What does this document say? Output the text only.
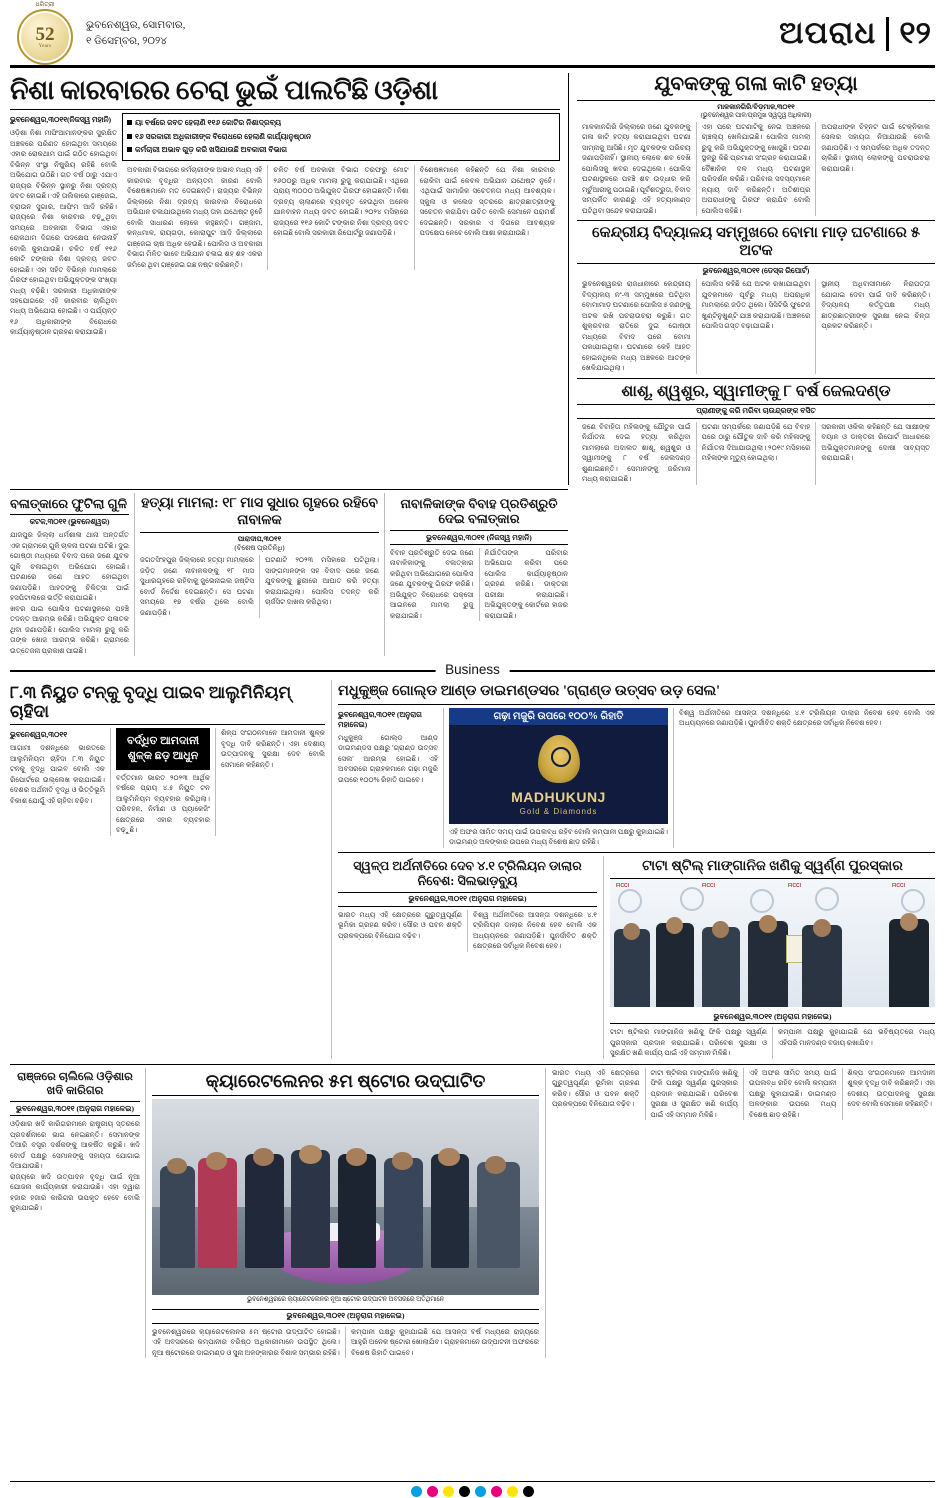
ଧରିତ୍ରୀ
52
Years
ଭୁବନେଶ୍ୱର, ସୋମବାର,
୧ ଡିସେମ୍ବର, ୨୦୨୪	ଅପରାଧ ୧୨
ନିଶା କାରବାରର ଚେରା ଭୁଇଁ ପାଲଟିଛି ଓଡ଼ିଶା
ଭୁବନେଶ୍ୱର,୩୦୧୧(ନିଜସ୍ୱ ମହାନି)
ଓଡ଼ିଶା ନିଶା ମାଫିଆମାନଙ୍କର ସୁରକ୍ଷିତ ଅଞ୍ଚଳରେ ପରିଣତ ହୋଇଥିବା ସମୟରେ ଏହାର ରୋକଥାମ ପାଇଁ ଗଠିତ ହୋଇଥିବା ବିଭିନ୍ନ ସଂସ୍ଥା ନିଷ୍କ୍ରିୟ ରହିଛି ବୋଲି ଅଭିଯୋଗ ଉଠିଛି। ଗତ ବର୍ଷ ଠାରୁ ଏଯାଏ ରାଜ୍ୟର ବିଭିନ୍ନ ସ୍ଥାନରୁ ନିଶା ଦ୍ରବ୍ୟ ଜବତ ହୋଇଛି। ଏହି ତାଲିକାରେ ଗଞ୍ଜେଇ, ବ୍ରାଉନ ସୁଗାର, ଆଫିମ ଆଦି ରହିଛି। ରାଜ୍ୟରେ ନିଶା କାରବାର ବଢ଼ୁଥିବା ସମୟରେ ଅବକାରୀ ବିଭାଗ ଏହାର ରୋକଥାମ ଦିଗରେ ପଦକ୍ଷେପ ନେଉନାହିଁ ବୋଲି କୁହାଯାଉଛି। ଚଳିତ ବର୍ଷ ୧୧୬ କୋଟି ଟଙ୍କାର ନିଶା ଦ୍ରବ୍ୟ ଜବତ ହୋଇଛି। ଏହା ସହିତ ବିଭିନ୍ନ ମାମଲାରେ ଗିରଫ ହୋଇଥିବା ଅଭିଯୁକ୍ତଙ୍କ ସଂଖ୍ୟା ମଧ୍ୟ ବଢ଼ିଛି। ସରକାରୀ ଅଧିକାରୀଙ୍କ ସହଯୋଗରେ ଏହି କାରବାର ଚାଲିଥିବା ମଧ୍ୟ ଅଭିଯୋଗ ହୋଇଛି। ଏ ପର୍ଯ୍ୟନ୍ତ ୧୬ ଅଧିକାରୀଙ୍କ ବିରୋଧରେ କାର୍ଯ୍ୟାନୁଷ୍ଠାନ ଗ୍ରହଣ କରାଯାଇଛି।
ୟା ବର୍ଷରେ ଜବତ ହେଲାଣି ୧୧୬ କୋଟିର ନିଶାଦ୍ରବ୍ୟ
୧୬ ସରକାରୀ ଅଧିକାରୀଙ୍କ ବିରୋଧରେ ହେଲାଣି କାର୍ଯ୍ୟାନୁଷ୍ଠାନ
କର୍ମଚାରୀ ଅଭାବ ଗୁଡ଼ କରି ଖସିଯାଉଛି ଅବକାରୀ ବିଭାଗ
ଅବକାରୀ ବିଭାଗରେ କର୍ମଚାରୀଙ୍କ ଅଭାବ ମଧ୍ୟ ଏହି କାରବାର ବୃଦ୍ଧିର ଅନ୍ୟତମ କାରଣ ବୋଲି ବିଶେଷଜ୍ଞମାନେ ମତ ଦେଇଛନ୍ତି। ରାଜ୍ୟର ବିଭିନ୍ନ ଜିଲ୍ଲାରେ ନିଶା ଦ୍ରବ୍ୟ କାରବାର ବିରୋଧରେ ଅଭିଯାନ ଚଳାଯାଉଥିଲେ ମଧ୍ୟ ତାହା ଯଥେଷ୍ଟ ନୁହେଁ ବୋଲି ସାଧାରଣ ଲୋକେ କହୁଛନ୍ତି। ଗଞ୍ଜାମ, କନ୍ଧମାଳ, ରାୟଗଡ଼ା, କୋରାପୁଟ ଆଦି ଜିଲ୍ଲାରେ ଗଞ୍ଜେଇ ଚାଷ ଅଧିକ ହେଉଛି। ପୋଲିସ ଓ ଅବକାରୀ ବିଭାଗ ମିଳିତ ଭାବେ ଅଭିଯାନ ଚଳାଇ ଶହ ଶହ ଏକର ଜମିରେ ଥିବା ଗଞ୍ଜେଇ ଗଛ ନଷ୍ଟ କରିଛନ୍ତି।
ଚଳିତ ବର୍ଷ ଅବକାରୀ ବିଭାଗ ତରଫରୁ ମୋଟ ୨୬୦୦ରୁ ଅଧିକ ମାମଲା ରୁଜୁ କରାଯାଇଛି। ଏଥିରେ ପ୍ରାୟ ୩୦୦୦ ଅଭିଯୁକ୍ତ ଗିରଫ ହୋଇଛନ୍ତି। ନିଶା ଦ୍ରବ୍ୟ ଚାଲାଣରେ ବ୍ୟବହୃତ ହେଉଥିବା ଅନେକ ଯାନବାହନ ମଧ୍ୟ ଜବତ ହୋଇଛି। ୨୦୨୪ ମସିହାରେ ରାଜ୍ୟରେ ୧୧୬ କୋଟି ଟଙ୍କାର ନିଶା ଦ୍ରବ୍ୟ ଜବତ ହୋଇଛି ବୋଲି ସରକାରୀ ରିପୋର୍ଟରୁ ଜଣାପଡ଼ିଛି।
ବିଶେଷଜ୍ଞମାନେ କହିଛନ୍ତି ଯେ ନିଶା କାରବାର ରୋକିବା ପାଇଁ କେବଳ ଅଭିଯାନ ଯଥେଷ୍ଟ ନୁହେଁ। ଏଥିପାଇଁ ସାମାଜିକ ସଚେତନତା ମଧ୍ୟ ଆବଶ୍ୟକ। ସ୍କୁଲ ଓ କଲେଜ ସ୍ତରରେ ଛାତ୍ରଛାତ୍ରୀଙ୍କୁ ସଚେତନ କରାଯିବା ଉଚିତ ବୋଲି ସେମାନେ ପରାମର୍ଶ ଦେଇଛନ୍ତି। ସରକାର ଏ ଦିଗରେ ଆବଶ୍ୟକ ପଦକ୍ଷେପ ନେବେ ବୋଲି ଆଶା କରାଯାଉଛି।
ଯୁବକଙ୍କୁ ଗଳା କାଟି ହତ୍ୟା
ମାଳକାନଗିରି/ବିଡ଼ମାଳ,୩୦୧୧
(ଭୁବନେଶ୍ୱର ପାଳ/ପ୍ରମୁଖ ସ୍ୱତ୍ତ୍ୱ ଅଧିକାରୀ)
ମାଳକାନଗିରି ଜିଲ୍ଲାରେ ଜଣେ ଯୁବକଙ୍କୁ ଗଳା କାଟି ହତ୍ୟା କରାଯାଇଥିବା ଘଟଣା ସାମ୍ନାକୁ ଆସିଛି। ମୃତ ଯୁବକଙ୍କ ପରିଚୟ ଜଣାପଡ଼ିନାହିଁ। ସ୍ଥାନୀୟ ଲୋକେ ଶବ ଦେଖି ପୋଲିସକୁ ଖବର ଦେଇଥିଲେ। ପୋଲିସ ଘଟଣାସ୍ଥଳରେ ପହଞ୍ଚି ଶବ ଉଦ୍ଧାର କରି ମର୍ଚୁଆରୀକୁ ପଠାଇଛି। ପୂର୍ବଶତ୍ରୁତା, ବିବାଦ ସମ୍ପର୍କିତ କାରଣରୁ ଏହି ହତ୍ୟାକାଣ୍ଡ ଘଟିଥିବା ସନ୍ଦେହ କରାଯାଉଛି।
ଏହା ପରେ ଘଟଣାଟିକୁ ନେଇ ଅଞ୍ଚଳରେ ଚାଞ୍ଚଲ୍ୟ ଖେଳିଯାଇଛି। ପୋଲିସ ମାମଲା ରୁଜୁ କରି ଅଭିଯୁକ୍ତଙ୍କୁ ଖୋଜୁଛି। ଘଟଣା ସ୍ଥଳରୁ କିଛି ପ୍ରମାଣ ସଂଗ୍ରହ କରାଯାଇଛି। ବୈଜ୍ଞାନିକ ଦଳ ମଧ୍ୟ ଘଟଣାସ୍ଥଳ ପରିଦର୍ଶନ କରିଛି। ପରିବାର ସଦସ୍ୟମାନେ ନ୍ୟାୟ ଦାବି କରିଛନ୍ତି। ଅତିଶୀଘ୍ର ଅପରାଧୀଙ୍କୁ ଗିରଫ କରାଯିବ ବୋଲି ପୋଲିସ କହିଛି।
ଅପରାଧୀଙ୍କ ଚିହ୍ନଟ ପାଇଁ ଟେକ୍ନିକାଲ ସେଲର ସହାୟତା ନିଆଯାଉଛି ବୋଲି ଜଣାପଡ଼ିଛି। ଏ ସମ୍ପର୍କରେ ଅଧିକ ତଦନ୍ତ ଚାଲିଛି। ସ୍ଥାନୀୟ ଲୋକଙ୍କୁ ପଚରାଉଚରା କରାଯାଉଛି।
କେନ୍ଦ୍ରୀୟ ବିଦ୍ୟାଳୟ ସମ୍ମୁଖରେ ବୋମା ମାଡ଼ ଘଟଣାରେ ୫ ଅଟକ
ଭୁବନେଶ୍ୱର,୩୦୧୧ (ଡେସ୍କ ରିପୋର୍ଟ)
ଭୁବନେଶ୍ୱରର ରାଜଧାନୀରେ କେନ୍ଦ୍ରୀୟ ବିଦ୍ୟାଳୟ ନଂ-୩ ସମ୍ମୁଖରେ ଘଟିଥିବା ବୋମାମାଡ଼ ଘଟଣାରେ ପୋଲିସ ୫ ଜଣଙ୍କୁ ଅଟକ ରଖି ପଚରାଉଚରା କରୁଛି। ଗତ ଶୁକ୍ରବାର ରାତିରେ ଦୁଇ ଗୋଷ୍ଠୀ ମଧ୍ୟରେ ବିବାଦ ପରେ ବୋମା ପକାଯାଇଥିଲା। ଘଟଣାରେ କେହି ଆହତ ହୋଇନଥିଲେ ମଧ୍ୟ ଅଞ୍ଚଳରେ ଆତଙ୍କ ଖେଳିଯାଇଥିଲା।
ପୋଲିସ କହିଛି ଯେ ଅଟକ ରଖାଯାଇଥିବା ଯୁବକମାନେ ପୂର୍ବରୁ ମଧ୍ୟ ଅପରାଧିକ ମାମଲାରେ ଜଡ଼ିତ ଥିଲେ। ସିସିଟିଭି ଫୁଟେଜ ଖୁଣ୍ଟିନୁଖୁଣ୍ଟି ଯାଞ୍ଚ କରାଯାଉଛି। ଅଞ୍ଚଳରେ ପୋଲିସ ଗସ୍ତ ବଢ଼ାଯାଇଛି।
ସ୍ଥାନୀୟ ଅଧିବାସୀମାନେ ନିରାପତ୍ତା ଯୋଗାଇ ଦେବା ପାଇଁ ଦାବି କରିଛନ୍ତି। ବିଦ୍ୟାଳୟ କର୍ତ୍ତୃପକ୍ଷ ମଧ୍ୟ ଛାତ୍ରଛାତ୍ରୀଙ୍କ ସୁରକ୍ଷା ନେଇ ଚିନ୍ତା ପ୍ରକଟ କରିଛନ୍ତି।
ଶାଶୂ, ଶ୍ୱଶୁର, ସ୍ୱାମୀଙ୍କୁ ୮ ବର୍ଷ ଜେଲଦଣ୍ଡ
ପ୍ରାଣୀଙ୍କୁ କରି ମରିବା ଚାଉନ୍ଦ୍ରଙ୍କ ବସିତ
ଜଣେ ବିବାହିତା ମହିଳାଙ୍କୁ ଯୌତୁକ ପାଇଁ ନିର୍ଯାତନା ଦେଇ ହତ୍ୟା କରିଥିବା ମାମଲାରେ ଅଦାଲତ ଶାଶୂ, ଶ୍ୱଶୁର ଓ ସ୍ୱାମୀଙ୍କୁ ୮ ବର୍ଷ ଜେଲଦଣ୍ଡ ଶୁଣାଇଛନ୍ତି। ସେମାନଙ୍କୁ ଜରିମାନା ମଧ୍ୟ କରାଯାଇଛି।
ଘଟଣା ସମ୍ପର୍କରେ ଜଣାପଡ଼ିଛି ଯେ ବିବାହ ପରେ ଠାରୁ ଯୌତୁକ ଦାବି କରି ମହିଳାଙ୍କୁ ନିର୍ଯାତନା ଦିଆଯାଉଥିଲା। ୨୦୧୯ ମସିହାରେ ମହିଳାଙ୍କ ମୃତ୍ୟୁ ହୋଇଥିଲା।
ସରକାରୀ ଓକିଲ କହିଛନ୍ତି ଯେ ସାକ୍ଷୀଙ୍କ ବୟାନ ଓ ଡାକ୍ତରୀ ରିପୋର୍ଟ ଆଧାରରେ ଅଭିଯୁକ୍ତମାନଙ୍କୁ ଦୋଷୀ ସାବ୍ୟସ୍ତ କରାଯାଇଛି।
ବଳାତ୍କାରେ ଫୁଟିଲା ଗୁଳି
କଟକ,୩୦୧୧ (ଭୁବନେଶ୍ୱର)
ଯାଜପୁର ଜିଲ୍ଲା ଧର୍ମଶାଳା ଥାନା ଅନ୍ତର୍ଗତ ଏକ ଗ୍ରାମରେ ଗୁଳି ଚାଳନା ଘଟଣା ଘଟିଛି। ଦୁଇ ଗୋଷ୍ଠୀ ମଧ୍ୟରେ ବିବାଦ ପରେ ଜଣେ ଯୁବକ ଗୁଳି ଚଳାଇଥିବା ଅଭିଯୋଗ ହୋଇଛି। ଘଟଣାରେ ଜଣେ ଆହତ ହୋଇଥିବା ଜଣାପଡ଼ିଛି। ଆହତଙ୍କୁ ଚିକିତ୍ସା ପାଇଁ ହସପିଟାଲରେ ଭର୍ତ୍ତି କରାଯାଇଛି।
ଖବର ପାଇ ପୋଲିସ ଘଟଣାସ୍ଥଳରେ ପହଞ୍ଚି ତଦନ୍ତ ଆରମ୍ଭ କରିଛି। ଅଭିଯୁକ୍ତ ପଳାତକ ଥିବା ଜଣାପଡ଼ିଛି। ପୋଲିସ ମାମଲା ରୁଜୁ କରି ତାଙ୍କ ଖୋଜ ଆରମ୍ଭ କରିଛି। ଗ୍ରାମରେ ଉତ୍ତେଜନା ପ୍ରକାଶ ପାଇଛି।
ହତ୍ୟା ମାମଲା: ୧୮ ମାସ ସୁଧାର ଗୃହରେ ରହିବେ ନାବାଳକ
ପାରାଦୀପ,୩୦୧୧
(ବିଶେଷ ପ୍ରତିନିଧି)
ଜଗତସିଂହପୁର ଜିଲ୍ଲାରେ ହତ୍ୟା ମାମଲାରେ ଜଡ଼ିତ ଜଣେ ନାବାଳକଙ୍କୁ ୧୮ ମାସ ସୁଧାରଗୃହରେ ରହିବାକୁ ଜୁଭେନାଇଲ ଜଷ୍ଟିସ ବୋର୍ଡ ନିର୍ଦ୍ଦେଶ ଦେଇଛନ୍ତି। ସେ ଘଟଣା ସମୟରେ ୧୭ ବର୍ଷର ଥିଲେ ବୋଲି ଜଣାପଡ଼ିଛି।
ଘଟଣାଟି ୨୦୨୩ ମସିହାରେ ଘଟିଥିଲା। ସାଙ୍ଗମାନଙ୍କ ସହ ବିବାଦ ପରେ ଜଣେ ଯୁବକଙ୍କୁ ଛୁରୀରେ ଆଘାତ କରି ହତ୍ୟା କରାଯାଇଥିଲା। ପୋଲିସ ତଦନ୍ତ କରି ଚାର୍ଜସିଟ ଦାଖଲ କରିଥିଲା।
ନାବାଳିକାଙ୍କ ବିବାହ ପ୍ରତିଶ୍ରୁତି ଦେଇ ବଳାତ୍କାର
ଭୁବନେଶ୍ୱର,୩୦୧୧ (ନିଜସ୍ୱ ମହାନି)
ବିବାହ ପ୍ରତିଶ୍ରୁତି ଦେଇ ଜଣେ ନାବାଳିକାଙ୍କୁ ବଳାତ୍କାର କରିଥିବା ଅଭିଯୋଗରେ ପୋଲିସ ଜଣେ ଯୁବକଙ୍କୁ ଗିରଫ କରିଛି। ଅଭିଯୁକ୍ତ ବିରୋଧରେ ପକ୍ସୋ ଆଇନରେ ମାମଲା ରୁଜୁ କରାଯାଇଛି।
ନିର୍ଯାତିତାଙ୍କ ପରିବାର ଅଭିଯୋଗ କରିବା ପରେ ପୋଲିସ କାର୍ଯ୍ୟାନୁଷ୍ଠାନ ଗ୍ରହଣ କରିଛି। ଡାକ୍ତରୀ ପରୀକ୍ଷା କରାଯାଇଛି। ଅଭିଯୁକ୍ତଙ୍କୁ କୋର୍ଟରେ ହାଜର କରାଯାଇଛି।
Business
୮.୩ ନିୟୁତ ଟନ୍‌କୁ ବୃଦ୍ଧି ପାଇବ ଆଲୁମିନିୟମ୍‌ ଚାହିଦା
ଭୁବନେଶ୍ୱର,୩୦୧୧
ଆଗାମୀ ଦଶନ୍ଧିରେ ଭାରତରେ ଆଲୁମିନିୟମ ଚାହିଦା ୮.୩ ନିୟୁତ ଟନକୁ ବୃଦ୍ଧି ପାଇବ ବୋଲି ଏକ ରିପୋର୍ଟରେ ଉଲ୍ଲେଖ କରାଯାଇଛି। ଦେଶର ଅର୍ଥନୀତି ବୃଦ୍ଧି ଓ ଭିତ୍ତିଭୂମି ବିକାଶ ଯୋଗୁଁ ଏହି ଚାହିଦା ବଢ଼ିବ।
ବର୍ଦ୍ଧିତ ଆମଦାନୀ
ଶୁଳ୍କ ଛଡ଼ ଆଧୁନ
ବର୍ତ୍ତମାନ ଭାରତ ୨୦୨୩ ଆର୍ଥିକ ବର୍ଷରେ ପ୍ରାୟ ୪.୫ ନିୟୁତ ଟନ ଆଲୁମିନିୟମ ବ୍ୟବହାର କରିଥିଲା। ପରିବହନ, ନିର୍ମାଣ ଓ ପ୍ୟାକେଜିଂ କ୍ଷେତ୍ରରେ ଏହାର ବ୍ୟବହାର ବଢ଼ୁଛି।
ଶିଳ୍ପ ସଂଗଠନମାନେ ଆମଦାନୀ ଶୁଳ୍କ ବୃଦ୍ଧି ଦାବି କରିଛନ୍ତି। ଏହା ଦେଶୀୟ ଉତ୍ପାଦନକୁ ସୁରକ୍ଷା ଦେବ ବୋଲି ସେମାନେ କହିଛନ୍ତି।
ମଧୁକୁଞ୍ଜ ଗୋଲ୍ଡ ଆଣ୍ଡ ଡାଇମଣ୍ଡସର 'ଗ୍ରାଣ୍ଡ ଉତ୍ସବ ଉଡ଼ ସେଲ'
ଭୁବନେଶ୍ୱର,୩୦୧୧ (ଅନୁରାଗ ମହାଳେଇ)
ମଧୁକୁଞ୍ଜ ଗୋଲ୍ଡ ଆଣ୍ଡ ଡାଇମଣ୍ଡସ ପକ୍ଷରୁ 'ଗ୍ରାଣ୍ଡ ଉତ୍ସବ ସେଲ' ଆରମ୍ଭ ହୋଇଛି। ଏହି ଅବସରରେ ଗ୍ରାହକମାନେ ଗଢ଼ା ମଜୁରି ଉପରେ ୧୦୦% ରିହାତି ପାଇବେ।
ଗଢ଼ା ମଜୁରି ଉପରେ ୧୦୦% ରିହାତି
MADHUKUNJ
Gold & Diamonds
ଏହି ଅଫର ସୀମିତ ସମୟ ପାଇଁ ଉପଲବ୍ଧ ରହିବ ବୋଲି କମ୍ପାନୀ ପକ୍ଷରୁ କୁହାଯାଇଛି। ଡାଇମଣ୍ଡ ଅଳଙ୍କାର ଉପରେ ମଧ୍ୟ ବିଶେଷ ଛାଡ଼ ରହିଛି।
ବିଶ୍ୱ ଅର୍ଥନୀତିରେ ଆସନ୍ତା ଦଶନ୍ଧିରେ ୪.୧ ଟ୍ରିଲିୟନ ଡାଲାର ନିବେଶ ହେବ ବୋଲି ଏକ ଅଧ୍ୟୟନରେ ଜଣାପଡ଼ିଛି। ପୁନର୍ଜୀବିତ ଶକ୍ତି କ୍ଷେତ୍ରରେ ସର୍ବାଧିକ ନିବେଶ ହେବ।
ସ୍ୱଳ୍ପ ଅର୍ଥନୀତିରେ ଦେବ ୪.୧ ଟ୍ରିଲିୟନ ଡାଲାର ନିବେଶ: ସିଲଭାଡ଼ବ୍ୟୁ
ଭୁବନେଶ୍ୱର,୩୦୧୧ (ଅନୁରାଗ ମହାଳେଇ)
ଭାରତ ମଧ୍ୟ ଏହି କ୍ଷେତ୍ରରେ ଗୁରୁତ୍ୱପୂର୍ଣ୍ଣ ଭୂମିକା ଗ୍ରହଣ କରିବ। ସୌର ଓ ପବନ ଶକ୍ତି ପ୍ରକଳ୍ପରେ ବିନିଯୋଗ ବଢ଼ିବ।
ବିଶ୍ୱ ଅର୍ଥନୀତିରେ ଆସନ୍ତା ଦଶନ୍ଧିରେ ୪.୧ ଟ୍ରିଲିୟନ ଡାଲାର ନିବେଶ ହେବ ବୋଲି ଏକ ଅଧ୍ୟୟନରେ ଜଣାପଡ଼ିଛି। ପୁନର୍ଜୀବିତ ଶକ୍ତି କ୍ଷେତ୍ରରେ ସର୍ବାଧିକ ନିବେଶ ହେବ।
ଟାଟା ଷ୍ଟିଲ୍‌ ମାଙ୍ଗାନିଜ ଖଣିକୁ ସ୍ୱର୍ଣ୍ଣ ପୁରସ୍କାର
FICCI	FICCI	FICCI	FICCI
ଭୁବନେଶ୍ୱର,୩୦୧୧ (ଅନୁରାଗ ମହାଳେଇ)
ଟାଟା ଷ୍ଟିଲର ମାଙ୍ଗାନିଜ ଖଣିକୁ ଫିକି ପକ୍ଷରୁ ସ୍ୱର୍ଣ୍ଣ ପୁରସ୍କାର ପ୍ରଦାନ କରାଯାଇଛି। ପରିବେଶ ସୁରକ୍ଷା ଓ ସୁରକ୍ଷିତ ଖଣି କାର୍ଯ୍ୟ ପାଇଁ ଏହି ସମ୍ମାନ ମିଳିଛି।
କମ୍ପାନୀ ପକ୍ଷରୁ କୁହାଯାଇଛି ଯେ ଭବିଷ୍ୟତରେ ମଧ୍ୟ ଏହିପରି ମାନଦଣ୍ଡ ବଜାୟ ରଖାଯିବ।
ରାଞ୍ଜରେ ଚାଲିଲେ ଓଡ଼ିଶାର ଖଦି କାରିଗର
ଭୁବନେଶ୍ୱର,୩୦୧୧ (ଅନୁରାଗ ମହାଳେଇ)
ଓଡ଼ିଶାର ଖଦି କାରିଗରମାନେ ରାଷ୍ଟ୍ରୀୟ ସ୍ତରରେ ପ୍ରଦର୍ଶନୀରେ ଭାଗ ନେଇଛନ୍ତି। ସେମାନଙ୍କ ତିଆରି ବସ୍ତ୍ର ଦର୍ଶକଙ୍କୁ ଆକର୍ଷିତ କରୁଛି। ଖଦି ବୋର୍ଡ ପକ୍ଷରୁ ସେମାନଙ୍କୁ ସହାୟତା ଯୋଗାଇ ଦିଆଯାଉଛି।
ରାଜ୍ୟରେ ଖଦି ଉତ୍ପାଦନ ବୃଦ୍ଧି ପାଇଁ ନୂଆ ଯୋଜନା କାର୍ଯ୍ୟକାରୀ କରାଯାଉଛି। ଏହା ଦ୍ୱାରା ହଜାର ହଜାର କାରିଗର ଉପକୃତ ହେବେ ବୋଲି କୁହାଯାଇଛି।
କ୍ୟାରେଟଲେନର ୫ମ ଷ୍ଟୋର ଉଦ୍‌ଘାଟିତ
ଭୁବନେଶ୍ୱରରେ କ୍ୟାରେଟଲେନର ନୂଆ ଷ୍ଟୋର ଉଦ୍‌ଘାଟନ ଅବସରରେ ଅତିଥିମାନେ
ଭୁବନେଶ୍ୱର,୩୦୧୧ (ଅନୁରାଗ ମହାଳେଇ)
ଭୁବନେଶ୍ୱରରେ କ୍ୟାରେଟଲେନର ୫ମ ଷ୍ଟୋର ଉଦ୍‌ଘାଟିତ ହୋଇଛି। ଏହି ଅବସରରେ କମ୍ପାନୀର ବରିଷ୍ଠ ଅଧିକାରୀମାନେ ଉପସ୍ଥିତ ଥିଲେ। ନୂଆ ଷ୍ଟୋରରେ ଡାଇମଣ୍ଡ ଓ ସୁନା ଅଳଙ୍କାରର ବିଶାଳ ସମ୍ଭାର ରହିଛି।
କମ୍ପାନୀ ପକ୍ଷରୁ କୁହାଯାଇଛି ଯେ ଆସନ୍ତା ବର୍ଷ ମଧ୍ୟରେ ରାଜ୍ୟରେ ଆହୁରି ଅନେକ ଷ୍ଟୋର ଖୋଲାଯିବ। ଗ୍ରାହକମାନେ ଉଦ୍‌ଘାଟନୀ ଅଫରରେ ବିଶେଷ ରିହାତି ପାଇବେ।
ଭାରତ ମଧ୍ୟ ଏହି କ୍ଷେତ୍ରରେ ଗୁରୁତ୍ୱପୂର୍ଣ୍ଣ ଭୂମିକା ଗ୍ରହଣ କରିବ। ସୌର ଓ ପବନ ଶକ୍ତି ପ୍ରକଳ୍ପରେ ବିନିଯୋଗ ବଢ଼ିବ।
ଟାଟା ଷ୍ଟିଲର ମାଙ୍ଗାନିଜ ଖଣିକୁ ଫିକି ପକ୍ଷରୁ ସ୍ୱର୍ଣ୍ଣ ପୁରସ୍କାର ପ୍ରଦାନ କରାଯାଇଛି। ପରିବେଶ ସୁରକ୍ଷା ଓ ସୁରକ୍ଷିତ ଖଣି କାର୍ଯ୍ୟ ପାଇଁ ଏହି ସମ୍ମାନ ମିଳିଛି।
ଏହି ଅଫର ସୀମିତ ସମୟ ପାଇଁ ଉପଲବ୍ଧ ରହିବ ବୋଲି କମ୍ପାନୀ ପକ୍ଷରୁ କୁହାଯାଇଛି। ଡାଇମଣ୍ଡ ଅଳଙ୍କାର ଉପରେ ମଧ୍ୟ ବିଶେଷ ଛାଡ଼ ରହିଛି।
ଶିଳ୍ପ ସଂଗଠନମାନେ ଆମଦାନୀ ଶୁଳ୍କ ବୃଦ୍ଧି ଦାବି କରିଛନ୍ତି। ଏହା ଦେଶୀୟ ଉତ୍ପାଦନକୁ ସୁରକ୍ଷା ଦେବ ବୋଲି ସେମାନେ କହିଛନ୍ତି।
